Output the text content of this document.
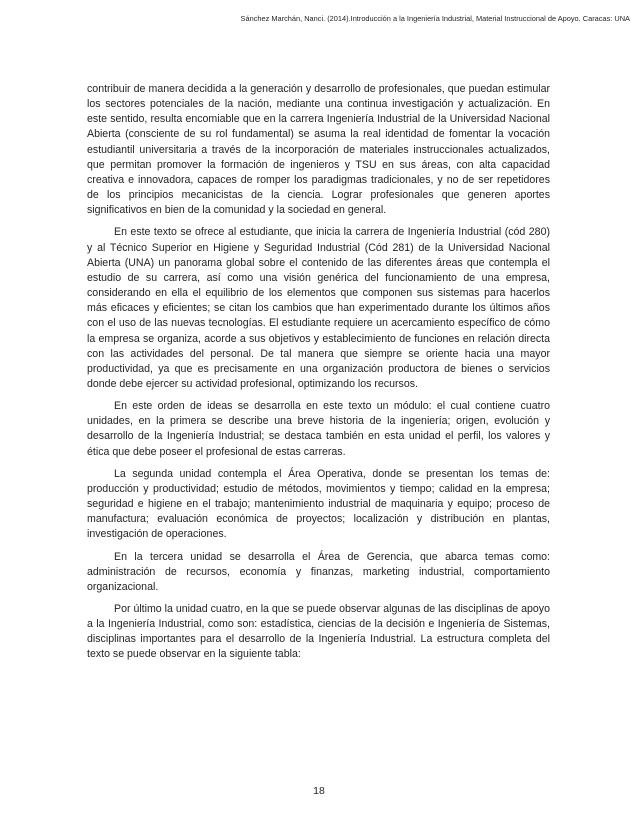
Sánchez Marchán, Nanci. (2014).Introducción a la Ingeniería Industrial, Material Instruccional de Apoyo. Caracas: UNA

contribuir de manera decidida a la generación y desarrollo de profesionales, que puedan estimular los sectores potenciales de la nación, mediante una continua investigación y actualización. En este sentido, resulta encomiable que en la carrera Ingeniería Industrial de la Universidad Nacional Abierta (consciente de su rol fundamental) se asuma la real identidad de fomentar la vocación estudiantil universitaria a través de la incorporación de materiales instruccionales actualizados, que permitan promover la formación de ingenieros y TSU en sus áreas, con alta capacidad creativa e innovadora, capaces de romper los paradigmas tradicionales, y no de ser repetidores de los principios mecanicistas de la ciencia. Lograr profesionales que generen aportes significativos en bien de la comunidad y la sociedad en general.

En este texto se ofrece al estudiante, que inicia la carrera de Ingeniería Industrial (cód 280) y al Técnico Superior en Higiene y Seguridad Industrial (Cód 281) de la Universidad Nacional Abierta (UNA) un panorama global sobre el contenido de las diferentes áreas que contempla el estudio de su carrera, así como una visión genérica del funcionamiento de una empresa, considerando en ella el equilibrio de los elementos que componen sus sistemas para hacerlos más eficaces y eficientes; se citan los cambios que han experimentado durante los últimos años con el uso de las nuevas tecnologías. El estudiante requiere un acercamiento específico de cómo la empresa se organiza, acorde a sus objetivos y establecimiento de funciones en relación directa con las actividades del personal. De tal manera que siempre se oriente hacia una mayor productividad, ya que es precisamente en una organización productora de bienes o servicios donde debe ejercer su actividad profesional, optimizando los recursos.

En este orden de ideas se desarrolla en este texto un módulo: el cual contiene cuatro unidades, en la primera se describe una breve historia de la ingeniería; origen, evolución y desarrollo de la Ingeniería Industrial; se destaca también en esta unidad el perfil, los valores y ética que debe poseer el profesional de estas carreras.

La segunda unidad contempla el Área Operativa, donde se presentan los temas de: producción y productividad; estudio de métodos, movimientos y tiempo; calidad en la empresa; seguridad e higiene en el trabajo; mantenimiento industrial de maquinaria y equipo; proceso de manufactura; evaluación económica de proyectos; localización y distribución en plantas, investigación de operaciones.

En la tercera unidad se desarrolla el Área de Gerencia, que abarca temas como: administración de recursos, economía y finanzas, marketing industrial, comportamiento organizacional.

Por último la unidad cuatro, en la que se puede observar algunas de las disciplinas de apoyo a la Ingeniería Industrial, como son: estadística, ciencias de la decisión e Ingeniería de Sistemas, disciplinas importantes para el desarrollo de la Ingeniería Industrial. La estructura completa del texto se puede observar en la siguiente tabla:

18
